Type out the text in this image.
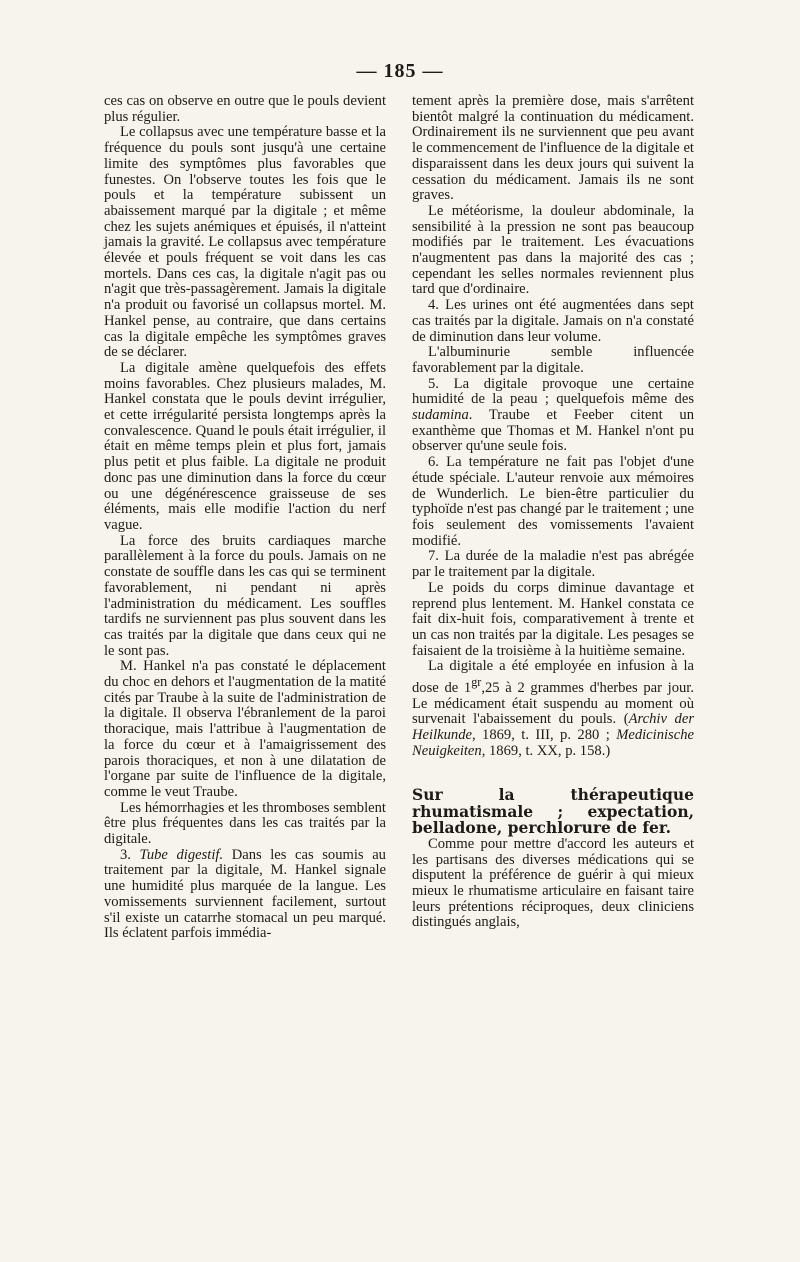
— 185 —

ces cas on observe en outre que le pouls devient plus régulier.

Le collapsus avec une température basse et la fréquence du pouls sont jusqu'à une certaine limite des symptômes plus favorables que funestes. On l'observe toutes les fois que le pouls et la température subissent un abaissement marqué par la digitale ; et même chez les sujets anémiques et épuisés, il n'atteint jamais la gravité. Le collapsus avec température élevée et pouls fréquent se voit dans les cas mortels. Dans ces cas, la digitale n'agit pas ou n'agit que très-passagèrement. Jamais la digitale n'a produit ou favorisé un collapsus mortel. M. Hankel pense, au contraire, que dans certains cas la digitale empêche les symptômes graves de se déclarer.

La digitale amène quelquefois des effets moins favorables. Chez plusieurs malades, M. Hankel constata que le pouls devint irrégulier, et cette irrégularité persista longtemps après la convalescence. Quand le pouls était irrégulier, il était en même temps plein et plus fort, jamais plus petit et plus faible. La digitale ne produit donc pas une diminution dans la force du cœur ou une dégénérescence graisseuse de ses éléments, mais elle modifie l'action du nerf vague.

La force des bruits cardiaques marche parallèlement à la force du pouls. Jamais on ne constate de souffle dans les cas qui se terminent favorablement, ni pendant ni après l'administration du médicament. Les souffles tardifs ne surviennent pas plus souvent dans les cas traités par la digitale que dans ceux qui ne le sont pas.

M. Hankel n'a pas constaté le déplacement du choc en dehors et l'augmentation de la matité cités par Traube à la suite de l'administration de la digitale. Il observa l'ébranlement de la paroi thoracique, mais l'attribue à l'augmentation de la force du cœur et à l'amaigrissement des parois thoraciques, et non à une dilatation de l'organe par suite de l'influence de la digitale, comme le veut Traube.

Les hémorrhagies et les thromboses semblent être plus fréquentes dans les cas traités par la digitale.

3. Tube digestif. Dans les cas soumis au traitement par la digitale, M. Hankel signale une humidité plus marquée de la langue. Les vomissements surviennent facilement, surtout s'il existe un catarrhe stomacal un peu marqué. Ils éclatent parfois immédia-

tement après la première dose, mais s'arrêtent bientôt malgré la continuation du médicament. Ordinairement ils ne surviennent que peu avant le commencement de l'influence de la digitale et disparaissent dans les deux jours qui suivent la cessation du médicament. Jamais ils ne sont graves.

Le météorisme, la douleur abdominale, la sensibilité à la pression ne sont pas beaucoup modifiés par le traitement. Les évacuations n'augmentent pas dans la majorité des cas ; cependant les selles normales reviennent plus tard que d'ordinaire.

4. Les urines ont été augmentées dans sept cas traités par la digitale. Jamais on n'a constaté de diminution dans leur volume.

L'albuminurie semble influencée favorablement par la digitale.

5. La digitale provoque une certaine humidité de la peau ; quelquefois même des sudamina. Traube et Feeber citent un exanthème que Thomas et M. Hankel n'ont pu observer qu'une seule fois.

6. La température ne fait pas l'objet d'une étude spéciale. L'auteur renvoie aux mémoires de Wunderlich. Le bien-être particulier du typhoïde n'est pas changé par le traitement ; une fois seulement des vomissements l'avaient modifié.

7. La durée de la maladie n'est pas abrégée par le traitement par la digitale.

Le poids du corps diminue davantage et reprend plus lentement. M. Hankel constata ce fait dix-huit fois, comparativement à trente et un cas non traités par la digitale. Les pesages se faisaient de la troisième à la huitième semaine.

La digitale a été employée en infusion à la dose de $1^{gr},25$ à 2 grammes d'herbes par jour. Le médicament était suspendu au moment où survenait l'abaissement du pouls. (Archiv der Heilkunde, 1869, t. III, p. 280 ; Medicinische Neuigkeiten, 1869, t. XX, p. 158.)

Sur la thérapeutique rhumatismale ; expectation, belladone, perchlorure de fer.

Comme pour mettre d'accord les auteurs et les partisans des diverses médications qui se disputent la préférence de guérir à qui mieux mieux le rhumatisme articulaire en faisant taire leurs prétentions réciproques, deux cliniciens distingués anglais,
